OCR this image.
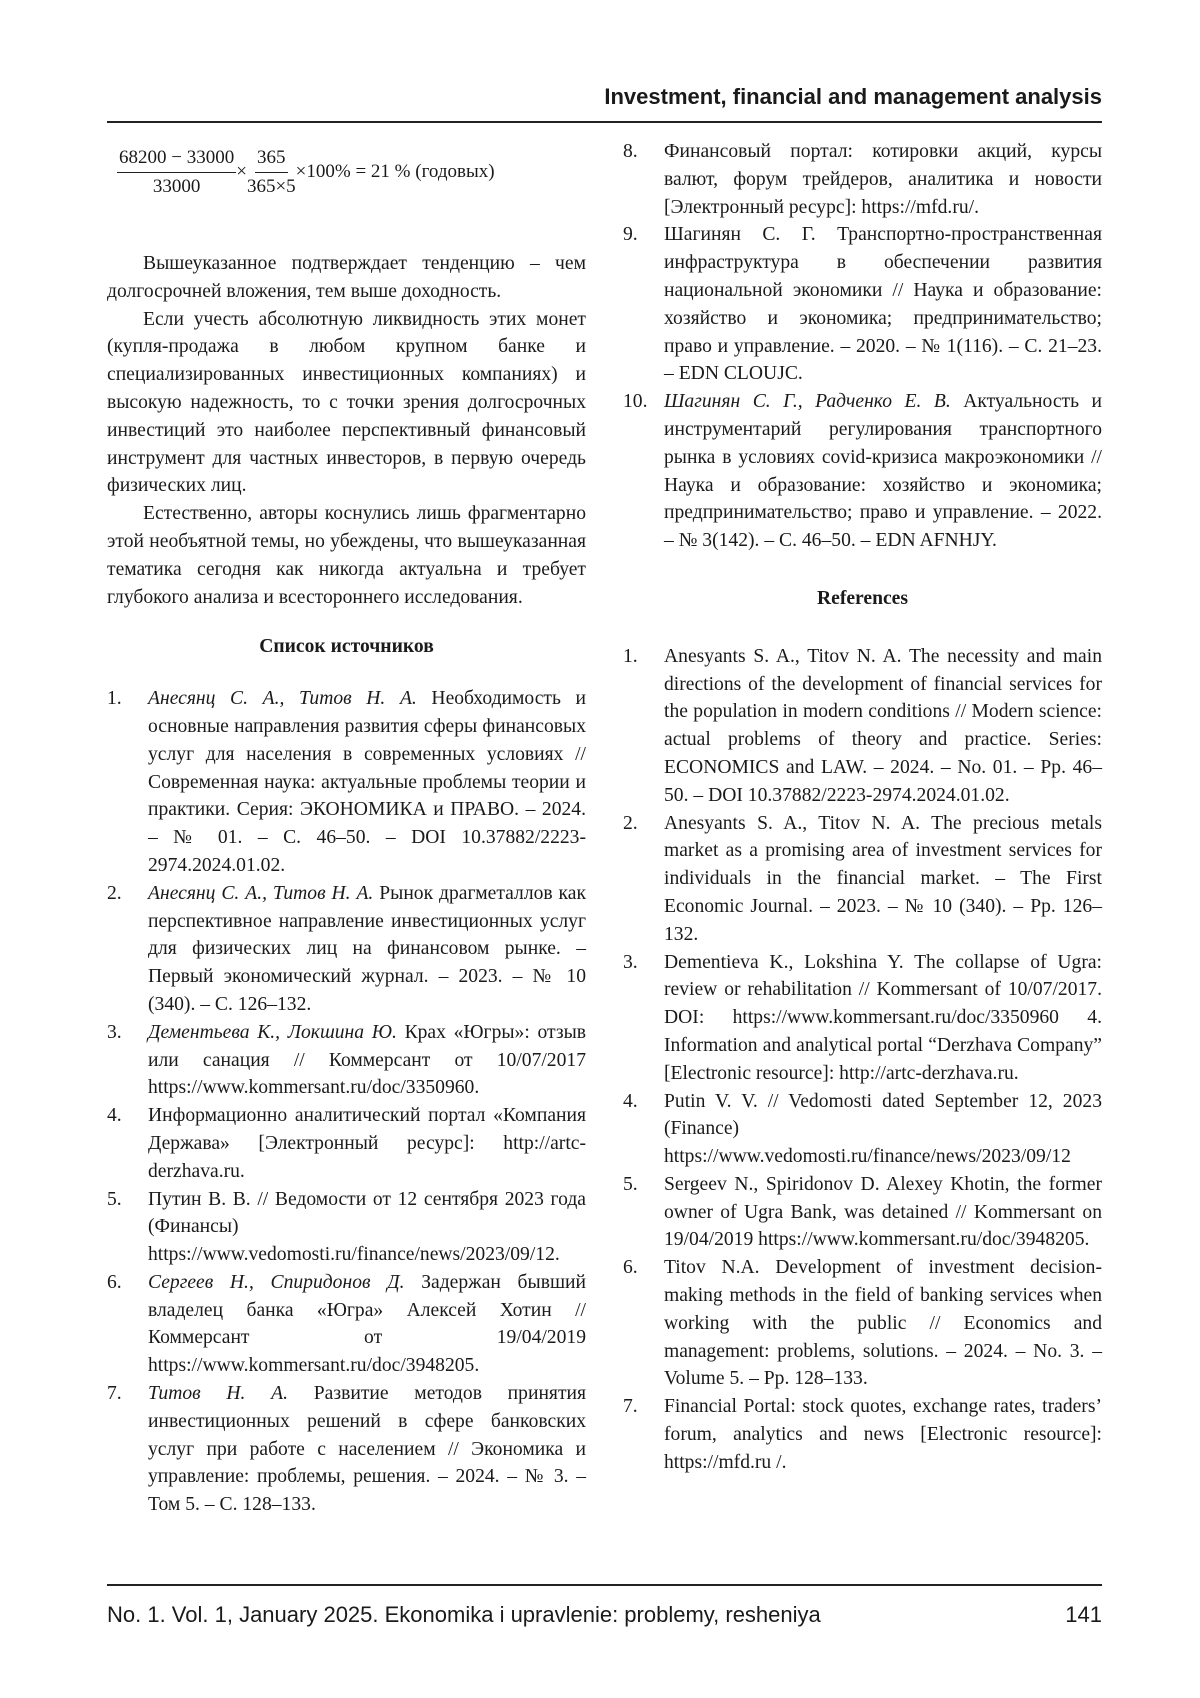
Investment, financial and management analysis
68200 − 33000
33000
×
365
365×5
×100% = 21 % (годовых)

Вышеуказанное подтверждает тенденцию – чем долгосрочней вложения, тем выше доходность.

Если учесть абсолютную ликвидность этих монет (купля-продажа в любом крупном банке и специализированных инвестиционных компаниях) и высокую надежность, то с точки зрения долгосрочных инвестиций это наиболее перспективный финансовый инструмент для частных инвесторов, в первую очередь физических лиц.

Естественно, авторы коснулись лишь фрагментарно этой необъятной темы, но убеждены, что вышеуказанная тематика сегодня как никогда актуальна и требует глубокого анализа и всестороннего исследования.

Список источников
1.	Анесянц С. А., Титов Н. А. Необходимость и основные направления развития сферы финансовых услуг для населения в современных условиях // Современная наука: актуальные проблемы теории и практики. Серия: ЭКОНОМИКА и ПРАВО. – 2024. – № 01. – С. 46–50. – DOI 10.37882/2223-2974.2024.01.02.
2.	Анесянц С. А., Титов Н. А. Рынок драгметаллов как перспективное направление инвестиционных услуг для физических лиц на финансовом рынке. – Первый экономический журнал. – 2023. – № 10 (340). – С. 126–132.
3.	Дементьева К., Локшина Ю. Крах «Югры»: отзыв или санация // Коммерсант от 10/07/2017 https://www.kommersant.ru/doc/3350960.
4.	Информационно аналитический портал «Компания Держава» [Электронный ресурс]: http://artc-derzhava.ru.
5.	Путин В. В. // Ведомости от 12 сентября 2023 года (Финансы) https://www.vedomosti.ru/finance/news/2023/09/12.
6.	Сергеев Н., Спиридонов Д. Задержан бывший владелец банка «Югра» Алексей Хотин // Коммерсант от 19/04/2019 https://www.kommersant.ru/doc/3948205.
7.	Титов Н. А. Развитие методов принятия инвестиционных решений в сфере банковских услуг при работе с населением // Экономика и управление: проблемы, решения. – 2024. – № 3. – Том 5. – С. 128–133.
8.	Финансовый портал: котировки акций, курсы валют, форум трейдеров, аналитика и новости [Электронный ресурс]: https://mfd.ru/.
9.	Шагинян С. Г. Транспортно-пространственная инфраструктура в обеспечении развития национальной экономики // Наука и образование: хозяйство и экономика; предпринимательство; право и управление. – 2020. – № 1(116). – С. 21–23. – EDN CLOUJC.
10. Шагинян С. Г., Радченко Е. В. Актуальность и инструментарий регулирования транспортного рынка в условиях covid-кризиса макроэкономики // Наука и образование: хозяйство и экономика; предпринимательство; право и управление. – 2022. – № 3(142). – С. 46–50. – EDN AFNHJY.
References
1.	Anesyants S. A., Titov N. A. The necessity and main directions of the development of financial services for the population in modern conditions // Modern science: actual problems of theory and practice. Series: ECONOMICS and LAW. – 2024. – No. 01. – Pp. 46–50. – DOI 10.37882/2223-2974.2024.01.02.
2.	Anesyants S. A., Titov N. A. The precious metals market as a promising area of investment services for individuals in the financial market. – The First Economic Journal. – 2023. – № 10 (340). – Pp. 126–132.
3.	Dementieva K., Lokshina Y. The collapse of Ugra: review or rehabilitation // Kommersant of 10/07/2017. DOI: https://www.kommersant.ru/doc/3350960 4. Information and analytical portal “Derzhava Company” [Electronic resource]: http://artc-derzhava.ru.
4.	Putin V. V. // Vedomosti dated September 12, 2023 (Finance) https://www.vedomosti.ru/finance/news/2023/09/12
5.	Sergeev N., Spiridonov D. Alexey Khotin, the former owner of Ugra Bank, was detained // Kommersant on 19/04/2019 https://www.kommersant.ru/doc/3948205.
6.	Titov N.A. Development of investment decision-making methods in the field of banking services when working with the public // Economics and management: problems, solutions. – 2024. – No. 3. – Volume 5. – Pp. 128–133.
7.	Financial Portal: stock quotes, exchange rates, traders’ forum, analytics and news [Electronic resource]: https://mfd.ru /.
No. 1. Vol. 1, January 2025. Ekonomika i upravlenie: problemy, resheniya	141
